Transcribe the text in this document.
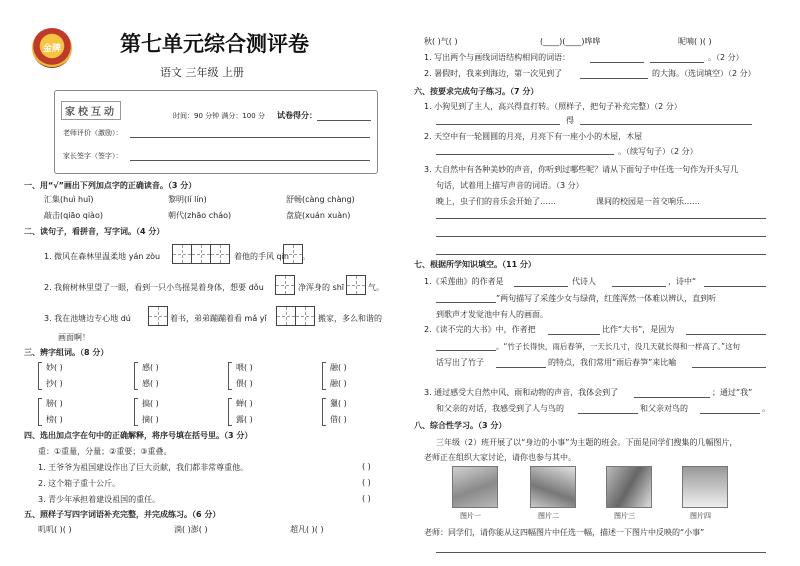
金牌	第七单元综合测评卷
语文 三年级 上册
家校互动	时间：90 分钟 满分：100 分 试卷得分：
老师评价（激励）：
家长签字（签字）：
一、用“√”画出下列加点字的正确读音。（3 分）
汇集(huì huǐ)	黎明(lí lín)	舒畅(càng chàng)
敲击(qiāo qiào)	朝代(zhāo cháo)	盘旋(xuán xuàn)
二、读句子，看拼音，写字词。（4 分）
1. 微风在森林里温柔地 yán zòu	着他的手风 qín 。
2. 我俯树林里望了一眼，看到一只小鸟摇晃着身体，想要 dǒu	净浑身的 shī	气。
3. 我在池塘边专心地 dú	着书，弟弟蹦蹦着看 mǎ yǐ	搬家，多么和谐的
画面啊！
三、辨字组词。（8 分）
妙( )	感( )	喂( )	融( )
抄( )	感( )	偎( )	融( )
膀( )	搞( )	蝉( )	獵( )
榜( )	摘( )	露( )	借( )
四、选出加点字在句中的正确解释，将序号填在括号里。（3 分）
重：①重量，分量；②重要；③重叠。
1. 王爷爷为祖国建设作出了巨大贡献，我们都非常尊重他。	( )
2. 这个箱子重十公斤。	( )
3. 青少年承担着建设祖国的重任。	( )
五、照样子写四字词语补充完整，并完成练习。（6 分）
叽叽( )( )	淌( )澎( )	超凡( )( )
秋( )气( )	(____)(____)哗哗	呢喃( )( )
1. 写出两个与画线词语结构相同的词语：	。（2 分）
2. 暑假时，我来到海边，第一次见到了	的大海。（选词填空）（2 分）
六、按要求完成句子练习。（7 分）
1. 小狗见到了主人，高兴得直打转。（照样子，把句子补充完整）（2 分）
得
2. 天空中有一轮圆圆的月亮，月亮下有一座小小的木屋，木屋
。（续写句子）（2 分）
3. 大自然中有各种美妙的声音，你听到过哪些呢？请从下面句子中任选一句作为开头写几
句话，试着用上描写声音的词语。（3 分）
晚上，虫子们的音乐会开始了……	课间的校园是一首交响乐……
七、根据所学知识填空。（11 分）
1.《采莲曲》的作者是	代诗人	，诗中“
”两句描写了采莲少女与绿荷，红莲浑然一体难以辨认，直到听
到歌声才发觉池中有人的画面。
2.《读不完的大书》中，作者把	比作“大书”，是因为
。“竹子长得快，雨后春笋，一天长几寸，没几天就长得和一样高了。”这句
话写出了竹子	的特点，我们常用“雨后春笋”来比喻
3. 通过感受大自然中风、雨和动物的声音，我体会到了	；通过“我”
和父亲的对话，我感受到了人与鸟的	和父亲对鸟的	。
八、综合性学习。（3 分）
三年级（2）班开展了以“身边的小事”为主题的班会。下面是同学们搜集的几幅图片，
老师正在组织大家讨论，请你也参与其中。
图片一	图片二	图片三	图片四
老师：同学们，请你能从这四幅图片中任选一幅，描述一下图片中反映的“小事”
